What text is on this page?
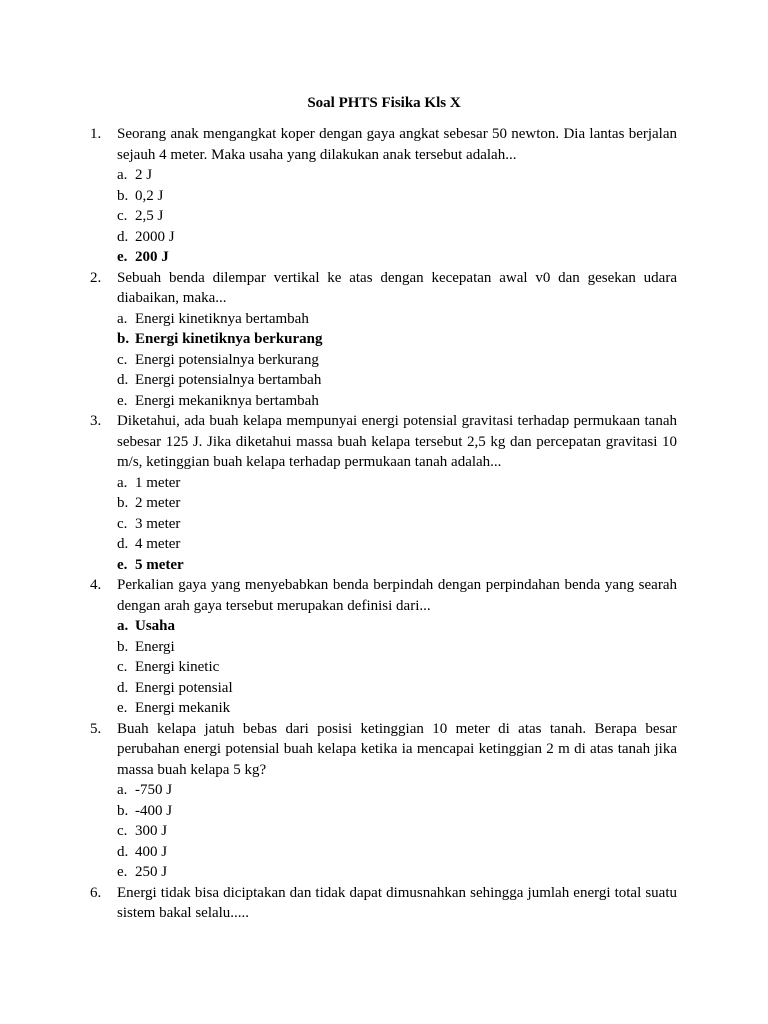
Soal PHTS Fisika Kls X
1. Seorang anak mengangkat koper dengan gaya angkat sebesar 50 newton. Dia lantas berjalan sejauh 4 meter. Maka usaha yang dilakukan anak tersebut adalah...
a. 2 J
b. 0,2 J
c. 2,5 J
d. 2000 J
e. 200 J
2. Sebuah benda dilempar vertikal ke atas dengan kecepatan awal v0 dan gesekan udara diabaikan, maka...
a. Energi kinetiknya bertambah
b. Energi kinetiknya berkurang
c. Energi potensialnya berkurang
d. Energi potensialnya bertambah
e. Energi mekaniknya bertambah
3. Diketahui, ada buah kelapa mempunyai energi potensial gravitasi terhadap permukaan tanah sebesar 125 J. Jika diketahui massa buah kelapa tersebut 2,5 kg dan percepatan gravitasi 10 m/s, ketinggian buah kelapa terhadap permukaan tanah adalah...
a. 1 meter
b. 2 meter
c. 3 meter
d. 4 meter
e. 5 meter
4. Perkalian gaya yang menyebabkan benda berpindah dengan perpindahan benda yang searah dengan arah gaya tersebut merupakan definisi dari...
a. Usaha
b. Energi
c. Energi kinetic
d. Energi potensial
e. Energi mekanik
5. Buah kelapa jatuh bebas dari posisi ketinggian 10 meter di atas tanah. Berapa besar perubahan energi potensial buah kelapa ketika ia mencapai ketinggian 2 m di atas tanah jika massa buah kelapa 5 kg?
a. -750 J
b. -400 J
c. 300 J
d. 400 J
e. 250 J
6. Energi tidak bisa diciptakan dan tidak dapat dimusnahkan sehingga jumlah energi total suatu sistem bakal selalu.....
